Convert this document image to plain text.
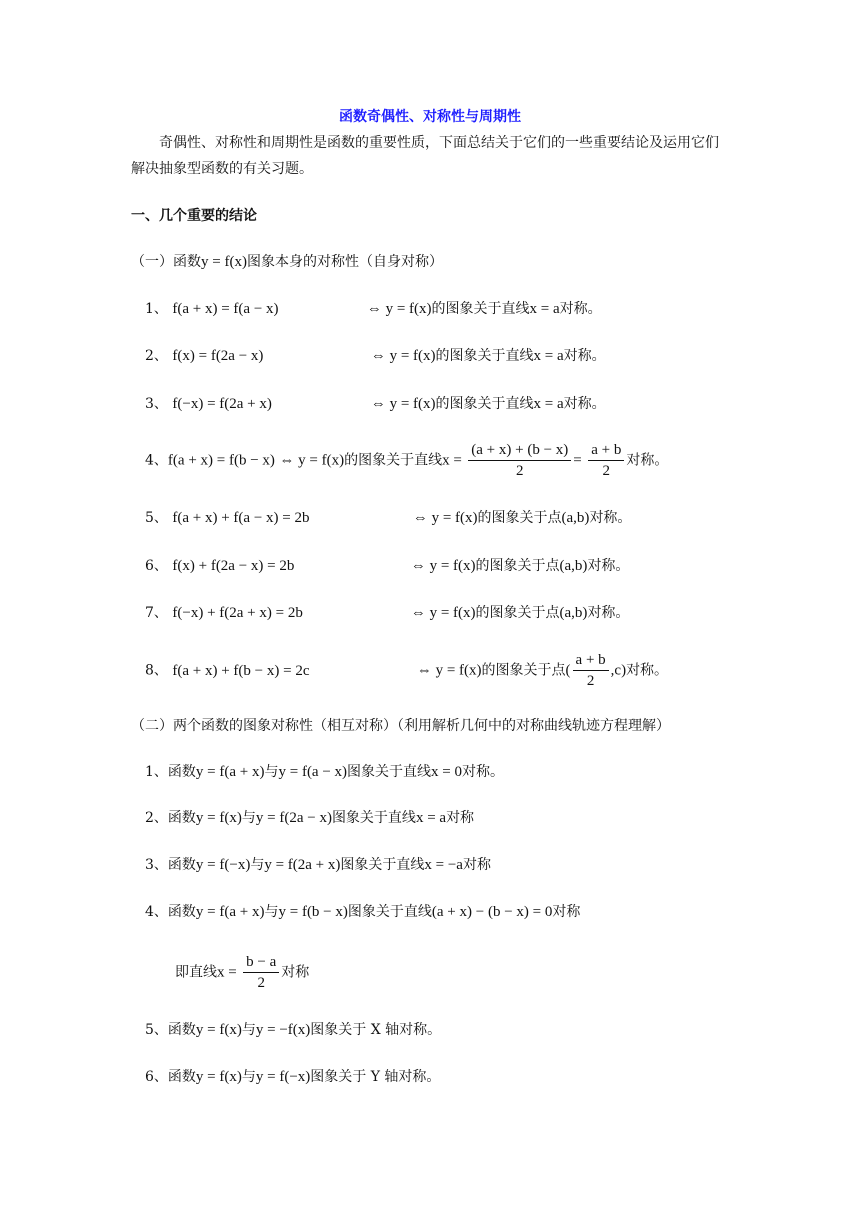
函数奇偶性、对称性与周期性
奇偶性、对称性和周期性是函数的重要性质，下面总结关于它们的一些重要结论及运用它们解决抽象型函数的有关习题。
一、几个重要的结论
（一）函数y = f(x)图象本身的对称性（自身对称）
1、 f(a + x) = f(a − x)	⇔ y = f(x)的图象关于直线x = a对称。
2、 f(x) = f(2a − x)	⇔ y = f(x)的图象关于直线x = a对称。
3、 f(−x) = f(2a + x)	⇔ y = f(x)的图象关于直线x = a对称。
4、f(a + x) = f(b − x) ⇔ y = f(x)的图象关于直线$x = \frac{(a + x) + (b - x)}{2} = \frac{a + b}{2}$ 对称。
5、 f(a + x) + f(a − x) = 2b	⇔ y = f(x)的图象关于点(a,b)对称。
6、 f(x) + f(2a − x) = 2b	⇔ y = f(x)的图象关于点(a,b)对称。
7、 f(−x) + f(2a + x) = 2b	⇔ y = f(x)的图象关于点(a,b)对称。
8、 f(a + x) + f(b − x) = 2c	⇔ y = f(x)的图象关于点( $\frac{a + b}{2} ,c$)对称。
（二）两个函数的图象对称性（相互对称）（利用解析几何中的对称曲线轨迹方程理解）
1、函数y = f(a + x)与y = f(a − x)图象关于直线x = 0对称。
2、函数y = f(x)与y = f(2a − x)图象关于直线x = a对称
3、函数y = f(−x)与y = f(2a + x)图象关于直线x = −a对称
4、函数y = f(a + x)与y = f(b − x)图象关于直线(a + x) − (b − x) = 0对称
即直线$x = \frac{b - a}{2}$ 对称
5、函数y = f(x)与y = −f(x)图象关于 X 轴对称。
6、函数y = f(x)与y = f(−x)图象关于 Y 轴对称。
